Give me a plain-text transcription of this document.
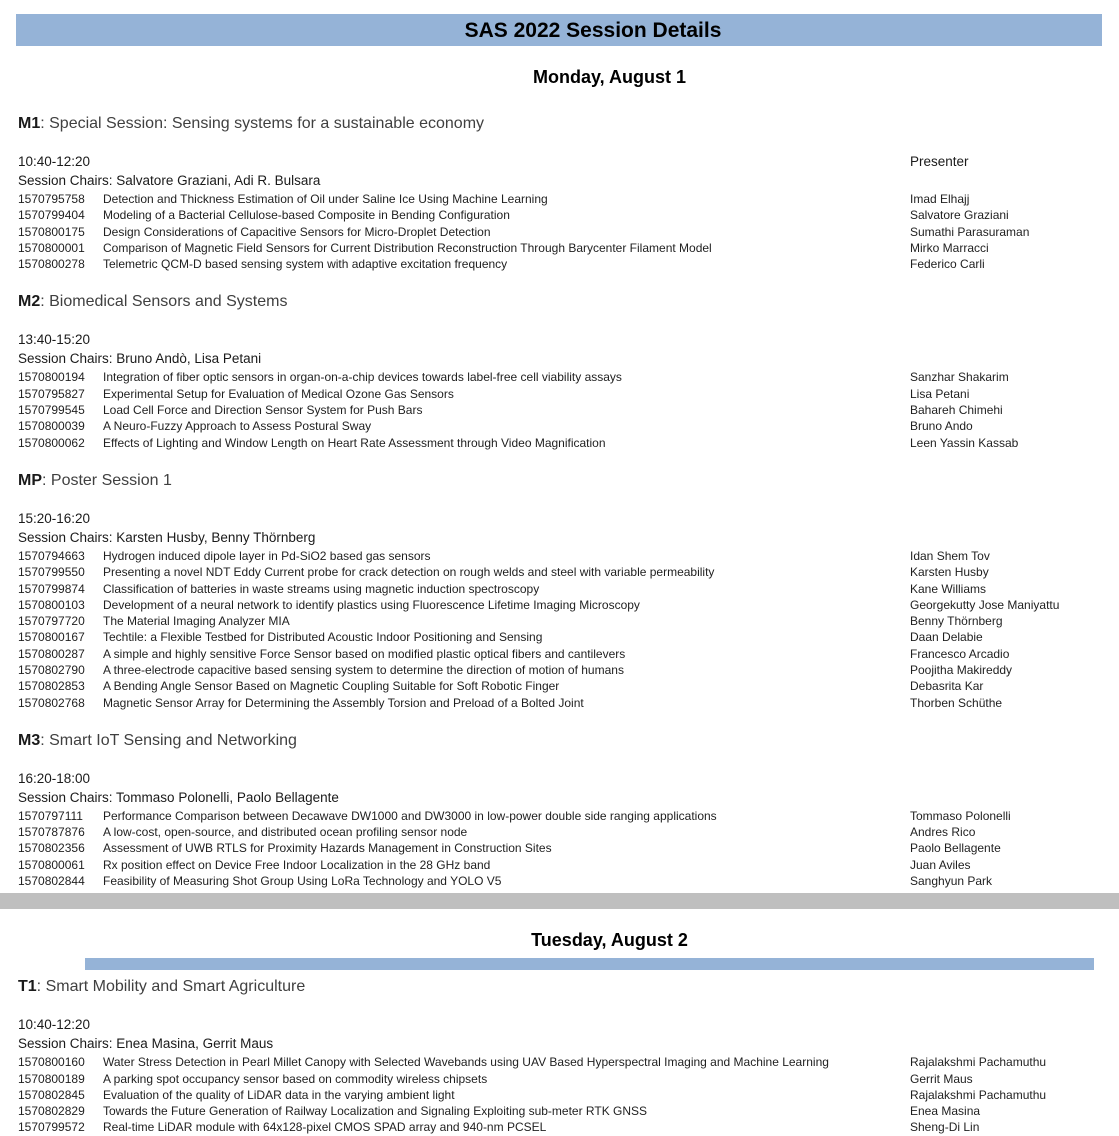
SAS 2022 Session Details
Monday, August 1
M1: Special Session: Sensing systems for a sustainable economy
10:40-12:20	Presenter
Session Chairs: Salvatore Graziani, Adi R. Bulsara
1570795758 Detection and Thickness Estimation of Oil under Saline Ice Using Machine Learning	Imad Elhajj
1570799404 Modeling of a Bacterial Cellulose-based Composite in Bending Configuration	Salvatore Graziani
1570800175 Design Considerations of Capacitive Sensors for Micro-Droplet Detection	Sumathi Parasuraman
1570800001 Comparison of Magnetic Field Sensors for Current Distribution Reconstruction Through Barycenter Filament Model	Mirko Marracci
1570800278 Telemetric QCM-D based sensing system with adaptive excitation frequency	Federico Carli
M2: Biomedical Sensors and Systems
13:40-15:20
Session Chairs: Bruno Andò, Lisa Petani
1570800194 Integration of fiber optic sensors in organ-on-a-chip devices towards label-free cell viability assays	Sanzhar Shakarim
1570795827 Experimental Setup for Evaluation of Medical Ozone Gas Sensors	Lisa Petani
1570799545 Load Cell Force and Direction Sensor System for Push Bars	Bahareh Chimehi
1570800039 A Neuro-Fuzzy Approach to Assess Postural Sway	Bruno Ando
1570800062 Effects of Lighting and Window Length on Heart Rate Assessment through Video Magnification	Leen Yassin Kassab
MP: Poster Session 1
15:20-16:20
Session Chairs: Karsten Husby, Benny Thörnberg
1570794663 Hydrogen induced dipole layer in Pd-SiO2 based gas sensors	Idan Shem Tov
1570799550 Presenting a novel NDT Eddy Current probe for crack detection on rough welds and steel with variable permeability	Karsten Husby
1570799874 Classification of batteries in waste streams using magnetic induction spectroscopy	Kane Williams
1570800103 Development of a neural network to identify plastics using Fluorescence Lifetime Imaging Microscopy	Georgekutty Jose Maniyattu
1570797720 The Material Imaging Analyzer MIA	Benny Thörnberg
1570800167 Techtile: a Flexible Testbed for Distributed Acoustic Indoor Positioning and Sensing	Daan Delabie
1570800287 A simple and highly sensitive Force Sensor based on modified plastic optical fibers and cantilevers	Francesco Arcadio
1570802790 A three-electrode capacitive based sensing system to determine the direction of motion of humans	Poojitha Makireddy
1570802853 A Bending Angle Sensor Based on Magnetic Coupling Suitable for Soft Robotic Finger	Debasrita Kar
1570802768 Magnetic Sensor Array for Determining the Assembly Torsion and Preload of a Bolted Joint	Thorben Schüthe
M3: Smart IoT Sensing and Networking
16:20-18:00
Session Chairs: Tommaso Polonelli, Paolo Bellagente
1570797111 Performance Comparison between Decawave DW1000 and DW3000 in low-power double side ranging applications	Tommaso Polonelli
1570787876 A low-cost, open-source, and distributed ocean profiling sensor node	Andres Rico
1570802356 Assessment of UWB RTLS for Proximity Hazards Management in Construction Sites	Paolo Bellagente
1570800061 Rx position effect on Device Free Indoor Localization in the 28 GHz band	Juan Aviles
1570802844 Feasibility of Measuring Shot Group Using LoRa Technology and YOLO V5	Sanghyun Park
Tuesday, August 2
T1: Smart Mobility and Smart Agriculture
10:40-12:20
Session Chairs: Enea Masina, Gerrit Maus
1570800160 Water Stress Detection in Pearl Millet Canopy with Selected Wavebands using UAV Based Hyperspectral Imaging and Machine Learning	Rajalakshmi Pachamuthu
1570800189 A parking spot occupancy sensor based on commodity wireless chipsets	Gerrit Maus
1570802845 Evaluation of the quality of LiDAR data in the varying ambient light	Rajalakshmi Pachamuthu
1570802829 Towards the Future Generation of Railway Localization and Signaling Exploiting sub-meter RTK GNSS	Enea Masina
1570799572 Real-time LiDAR module with 64x128-pixel CMOS SPAD array and 940-nm PCSEL	Sheng-Di Lin
